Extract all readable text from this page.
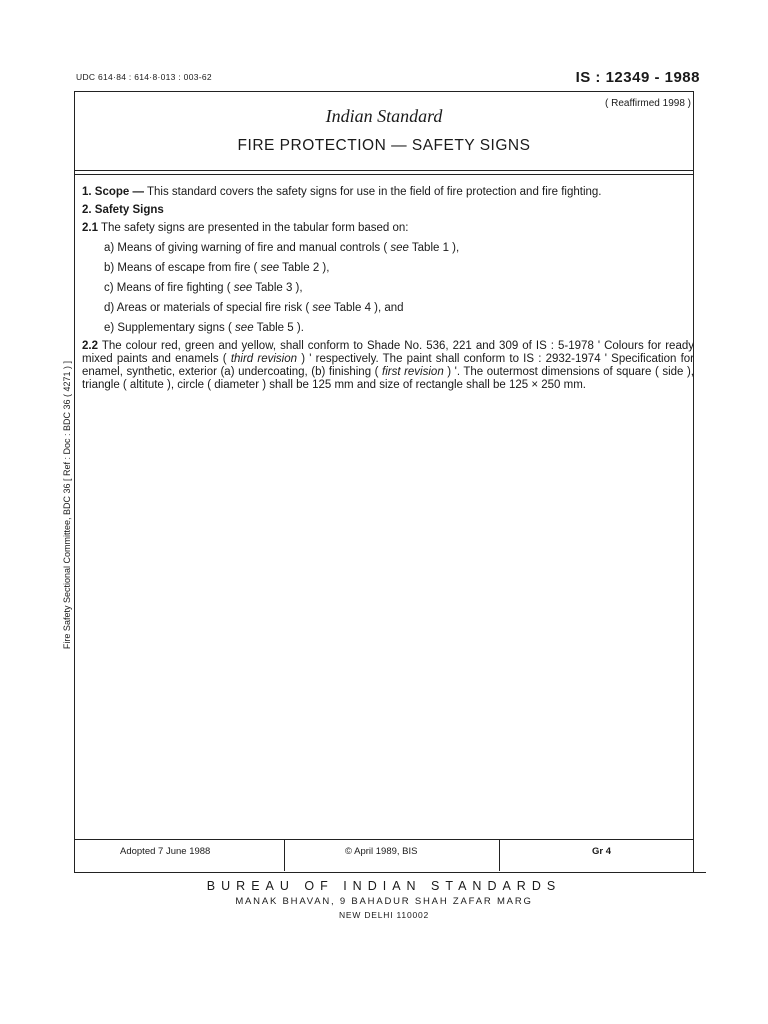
UDC 614·84 : 614·8·013 : 003-62	IS : 12349 - 1988
( Reaffirmed 1998 )
Indian Standard
FIRE PROTECTION — SAFETY SIGNS

1. Scope — This standard covers the safety signs for use in the field of fire protection and fire fighting.

2. Safety Signs

2.1 The safety signs are presented in the tabular form based on:

a) Means of giving warning of fire and manual controls ( see Table 1 ),

b) Means of escape from fire ( see Table 2 ),

c) Means of fire fighting ( see Table 3 ),

d) Areas or materials of special fire risk ( see Table 4 ), and

e) Supplementary signs ( see Table 5 ).

2.2 The colour red, green and yellow, shall conform to Shade No. 536, 221 and 309 of IS : 5-1978 ' Colours for ready mixed paints and enamels ( third revision ) ' respectively. The paint shall conform to IS : 2932-1974 ' Specification for enamel, synthetic, exterior (a) undercoating, (b) finishing ( first revision ) '. The outermost dimensions of square ( side ), triangle ( altitute ), circle ( diameter ) shall be 125 mm and size of rectangle shall be 125 × 250 mm.

Fire Safety Sectional Committee, BDC 36 [ Ref : Doc : BDC 36 ( 4271 ) ]
Adopted 7 June 1988	© April 1989, BIS	Gr 4
BUREAU OF INDIAN STANDARDS
MANAK BHAVAN, 9 BAHADUR SHAH ZAFAR MARG
NEW DELHI 110002
